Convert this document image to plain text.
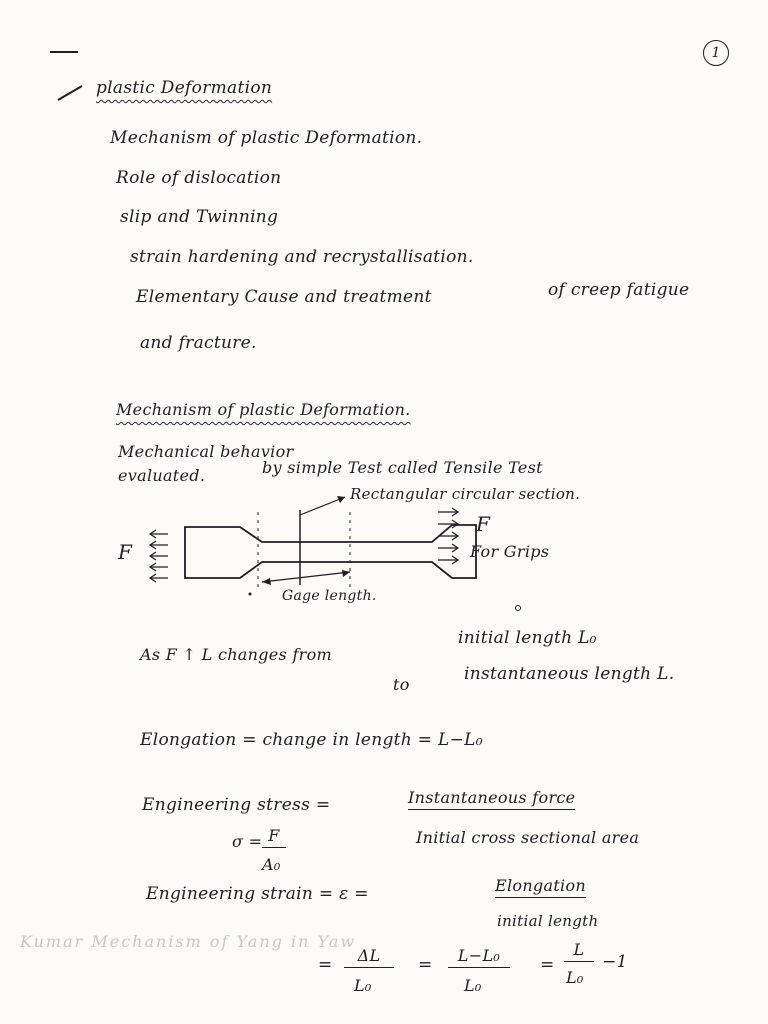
1
plastic Deformation
Mechanism of plastic Deformation.
Role of dislocation
slip and Twinning
strain hardening and recrystallisation.
Elementary Cause and treatment	of creep fatigue
and fracture.
Mechanism of plastic Deformation.
Mechanical behavior
evaluated.	by simple Test called Tensile Test
Rectangular circular section.
F
F
For Grips
Gage length.
As F ↑ L changes from
initial length L₀
to
instantaneous length L.
Elongation = change in length = L−L₀
Engineering stress =	Instantaneous force
Initial cross sectional area
σ = F
A₀
Engineering strain = ε =	Elongation
initial length
=	ΔL
L₀
=	L−L₀
L₀
=
L
L₀
−1
Kumar Mechanism of Yang in Yaw
